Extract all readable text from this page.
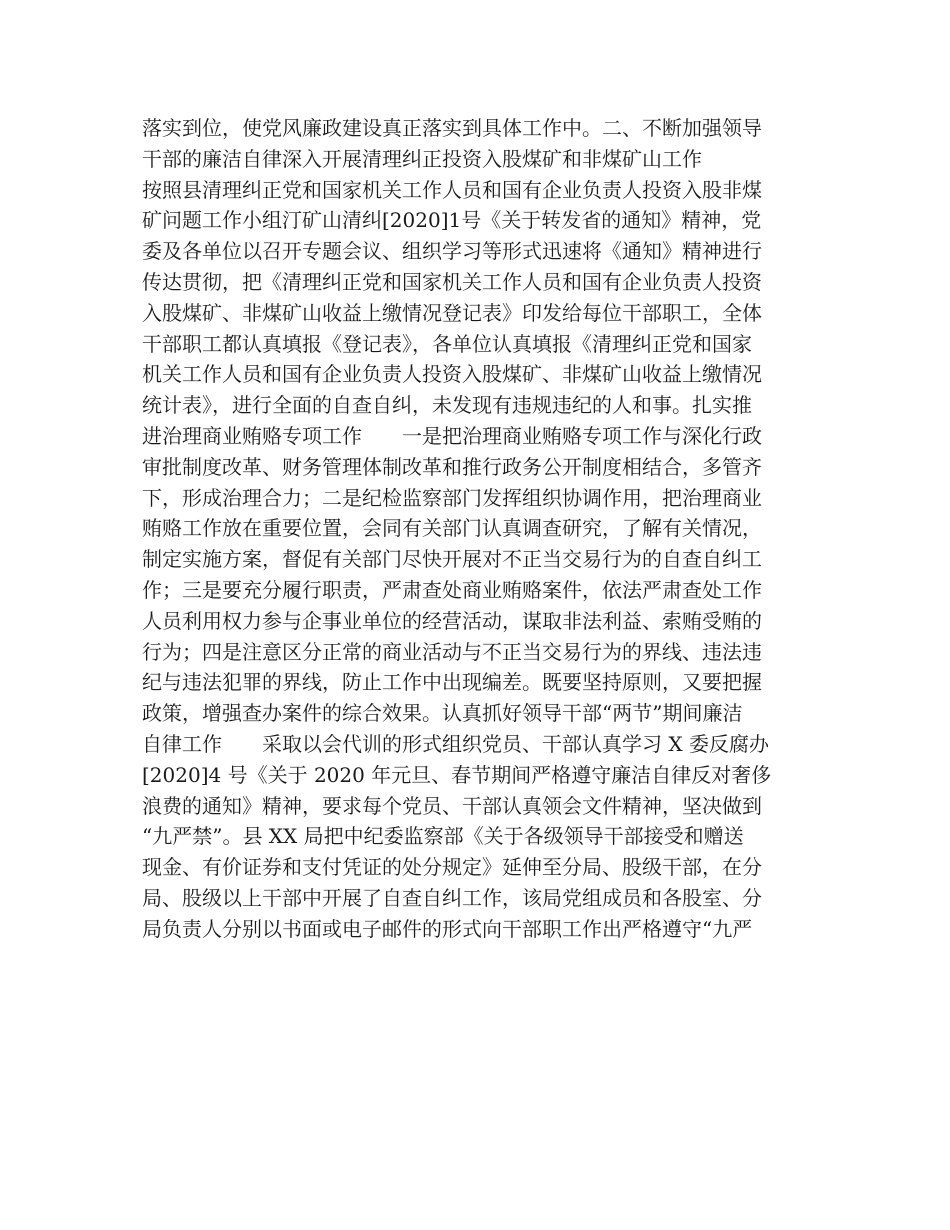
落实到位，使党风廉政建设真正落实到具体工作中。二、不断加强领导
干部的廉洁自律深入开展清理纠正投资入股煤矿和非煤矿山工作
按照县清理纠正党和国家机关工作人员和国有企业负责人投资入股非煤
矿问题工作小组汀矿山清纠[2020]1号《关于转发省的通知》精神，党
委及各单位以召开专题会议、组织学习等形式迅速将《通知》精神进行
传达贯彻，把《清理纠正党和国家机关工作人员和国有企业负责人投资
入股煤矿、非煤矿山收益上缴情况登记表》印发给每位干部职工，全体
干部职工都认真填报《登记表》，各单位认真填报《清理纠正党和国家
机关工作人员和国有企业负责人投资入股煤矿、非煤矿山收益上缴情况
统计表》，进行全面的自查自纠，未发现有违规违纪的人和事。扎实推
进治理商业贿赂专项工作　　一是把治理商业贿赂专项工作与深化行政
审批制度改革、财务管理体制改革和推行政务公开制度相结合，多管齐
下，形成治理合力；二是纪检监察部门发挥组织协调作用，把治理商业
贿赂工作放在重要位置，会同有关部门认真调查研究，了解有关情况，
制定实施方案，督促有关部门尽快开展对不正当交易行为的自查自纠工
作；三是要充分履行职责，严肃查处商业贿赂案件，依法严肃查处工作
人员利用权力参与企事业单位的经营活动，谋取非法利益、索贿受贿的
行为；四是注意区分正常的商业活动与不正当交易行为的界线、违法违
纪与违法犯罪的界线，防止工作中出现编差。既要坚持原则，又要把握
政策，增强查办案件的综合效果。认真抓好领导干部“两节”期间廉洁
自律工作　　采取以会代训的形式组织党员、干部认真学习 X 委反腐办
[2020]4 号《关于 2020 年元旦、春节期间严格遵守廉洁自律反对奢侈
浪费的通知》精神，要求每个党员、干部认真领会文件精神，坚决做到
“九严禁”。县 XX 局把中纪委监察部《关于各级领导干部接受和赠送
现金、有价证券和支付凭证的处分规定》延伸至分局、股级干部，在分
局、股级以上干部中开展了自查自纠工作，该局党组成员和各股室、分
局负责人分别以书面或电子邮件的形式向干部职工作出严格遵守“九严
